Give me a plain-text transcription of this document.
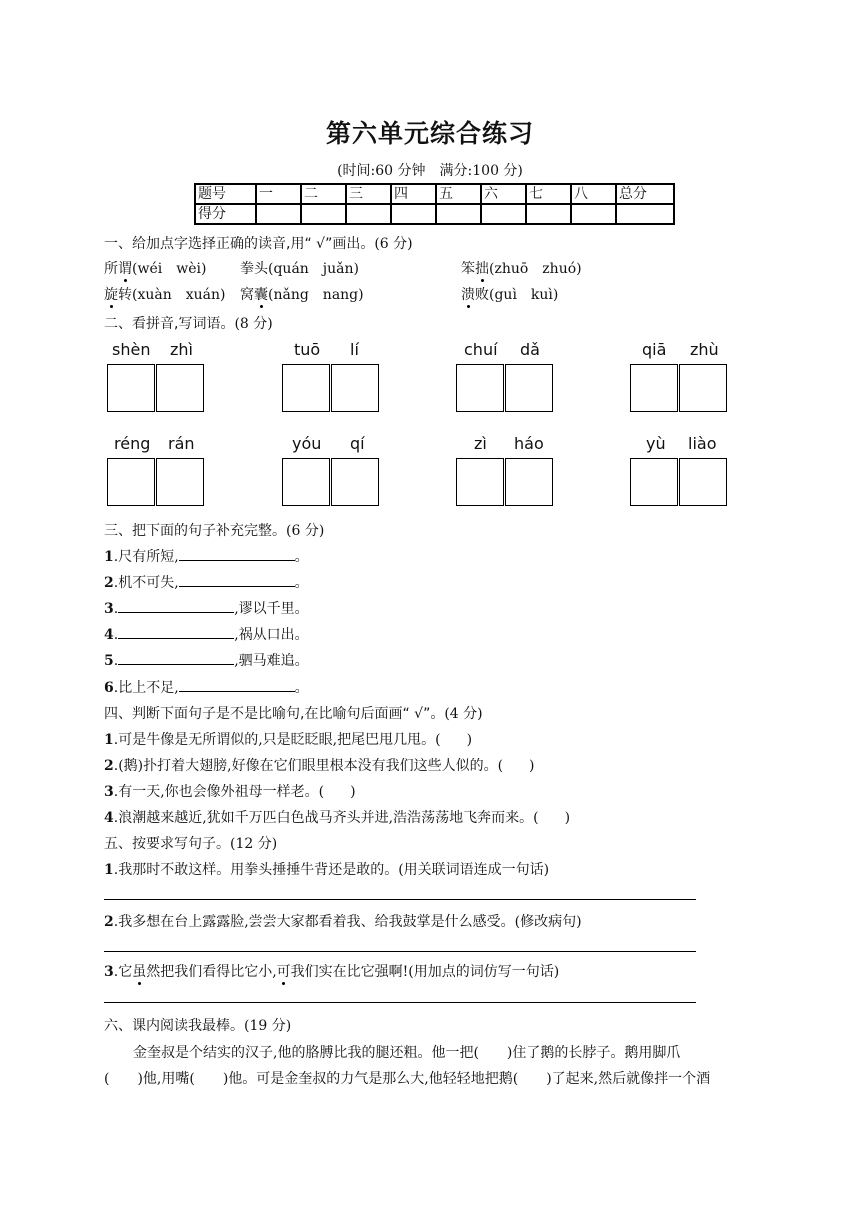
第六单元综合练习
(时间:60 分钟　满分:100 分)
题号	一	二	三	四	五	六	七	八	总分
得分									
一、给加点字选择正确的读音,用“ √”画出。(6 分)
所谓(wéi　wèi) 拳头(quán　juǎn)	笨拙(zhuō　zhuó)
旋转(xuàn　xuán) 窝囊(nǎng　nang)	溃败(guì　kuì)
二、看拼音,写词语。(8 分)
shèn zhì	tuō lí	chuí dǎ	qiā zhù
réng rán	yóu qí	zì háo	yù liào
三、把下面的句子补充完整。(6 分)
1.尺有所短,	。
2.机不可失,	。
3.	,谬以千里。
4.	,祸从口出。
5.	,驷马难追。
6.比上不足,	。
四、判断下面句子是不是比喻句,在比喻句后面画“ √”。(4 分)
1.可是牛像是无所谓似的,只是眨眨眼,把尾巴甩几甩。( )
2.(鹅)扑打着大翅膀,好像在它们眼里根本没有我们这些人似的。( )
3.有一天,你也会像外祖母一样老。( )
4.浪潮越来越近,犹如千万匹白色战马齐头并进,浩浩荡荡地飞奔而来。( )
五、按要求写句子。(12 分)
1.我那时不敢这样。用拳头捶捶牛背还是敢的。(用关联词语连成一句话)
2.我多想在台上露露脸,尝尝大家都看着我、给我鼓掌是什么感受。(修改病句)
3.它虽然把我们看得比它小,可我们实在比它强啊!(用加点的词仿写一句话)
六、课内阅读我最棒。(19 分)
金奎叔是个结实的汉子,他的胳膊比我的腿还粗。他一把(　　)住了鹅的长脖子。鹅用脚爪
(　　)他,用嘴(　　)他。可是金奎叔的力气是那么大,他轻轻地把鹅(　　)了起来,然后就像拌一个酒
